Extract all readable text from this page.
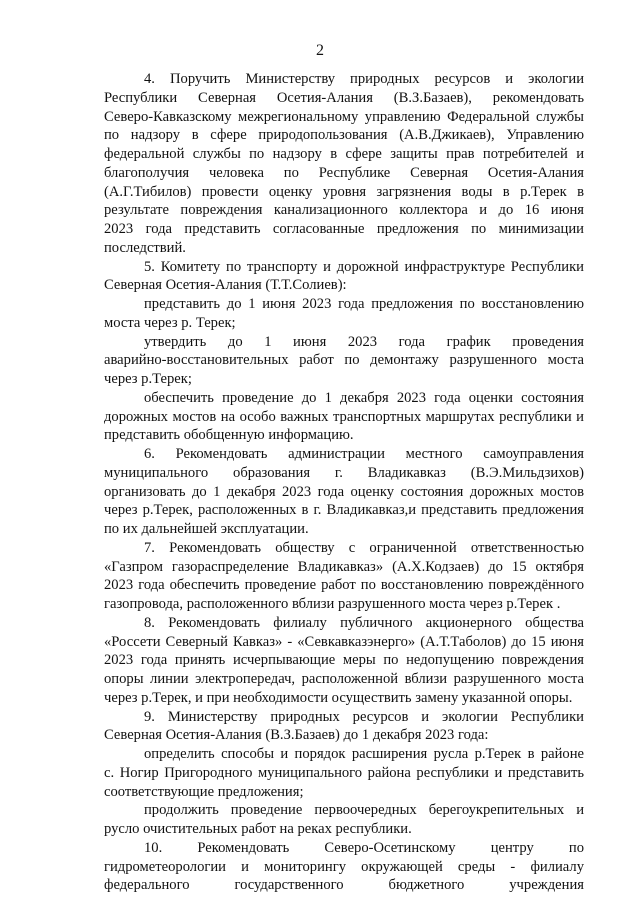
2
4. Поручить Министерству природных ресурсов и экологии
Республики Северная Осетия-Алания (В.З.Базаев), рекомендовать
Северо-Кавказскому межрегиональному управлению Федеральной службы
по надзору в сфере природопользования (А.В.Джикаев), Управлению
федеральной службы по надзору в сфере защиты прав потребителей и
благополучия человека по Республике Северная Осетия-Алания
(А.Г.Тибилов) провести оценку уровня загрязнения воды в р.Терек в
результате повреждения канализационного коллектора и до 16 июня
2023 года представить согласованные предложения по минимизации
последствий.
5. Комитету по транспорту и дорожной инфраструктуре Республики
Северная Осетия-Алания (Т.Т.Солиев):
представить до 1 июня 2023 года предложения по восстановлению
моста через р. Терек;
утвердить до 1 июня 2023 года график проведения
аварийно-восстановительных работ по демонтажу разрушенного моста
через р.Терек;
обеспечить проведение до 1 декабря 2023 года оценки состояния
дорожных мостов на особо важных транспортных маршрутах республики и
представить обобщенную информацию.
6. Рекомендовать администрации местного самоуправления
муниципального образования г. Владикавказ (В.Э.Мильдзихов)
организовать до 1 декабря 2023 года оценку состояния дорожных мостов
через р.Терек, расположенных в г. Владикавказ,и представить предложения
по их дальнейшей эксплуатации.
7. Рекомендовать обществу с ограниченной ответственностью
«Газпром газораспределение Владикавказ» (А.Х.Кодзаев) до 15 октября
2023 года обеспечить проведение работ по восстановлению повреждённого
газопровода, расположенного вблизи разрушенного моста через р.Терек .
8. Рекомендовать филиалу публичного акционерного общества
«Россети Северный Кавказ» - «Севкавказэнерго» (А.Т.Таболов) до 15 июня
2023 года принять исчерпывающие меры по недопущению повреждения
опоры линии электропередач, расположенной вблизи разрушенного моста
через р.Терек, и при необходимости осуществить замену указанной опоры.
9. Министерству природных ресурсов и экологии Республики
Северная Осетия-Алания (В.З.Базаев) до 1 декабря 2023 года:
определить способы и порядок расширения русла р.Терек в районе
с. Ногир Пригородного муниципального района республики и представить
соответствующие предложения;
продолжить проведение первоочередных берегоукрепительных и
русло очистительных работ на реках республики.
10. Рекомендовать Северо-Осетинскому центру по
гидрометеорологии и мониторингу окружающей среды - филиалу
федерального государственного бюджетного учреждения
